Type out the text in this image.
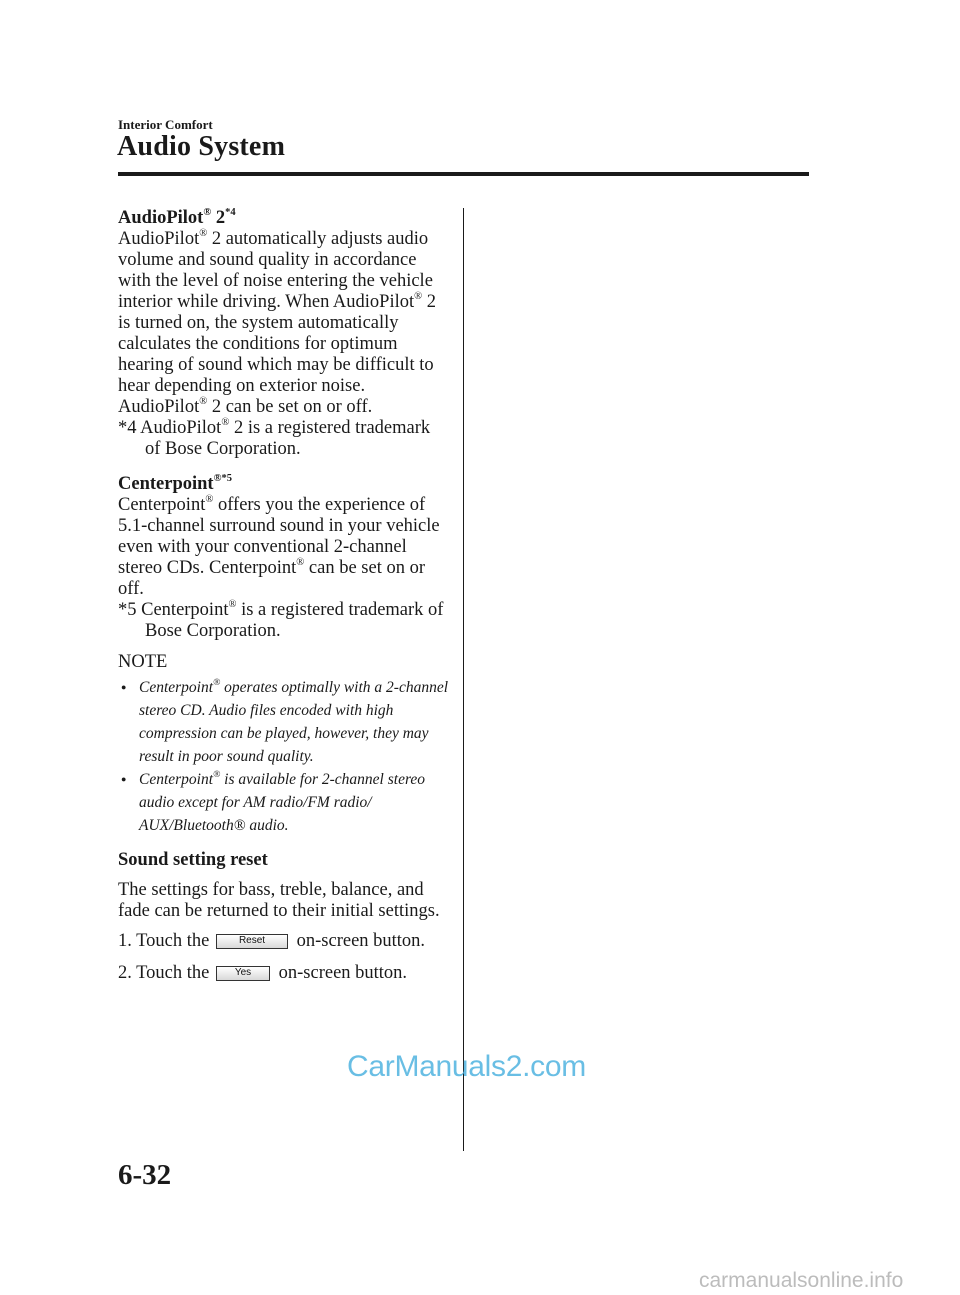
Interior Comfort
Audio System

AudioPilot® 2$^{*4}$

AudioPilot® 2 automatically adjusts audio volume and sound quality in accordance with the level of noise entering the vehicle interior while driving. When AudioPilot® 2 is turned on, the system automatically calculates the conditions for optimum hearing of sound which may be difficult to hear depending on exterior noise.

AudioPilot® 2 can be set on or off.

*4 AudioPilot® 2 is a registered trademark of Bose Corporation.

Centerpoint$^{®*5}$

Centerpoint® offers you the experience of 5.1-channel surround sound in your vehicle even with your conventional 2-channel stereo CDs. Centerpoint® can be set on or off.

*5 Centerpoint® is a registered trademark of Bose Corporation.

NOTE

● Centerpoint® operates optimally with a 2-channel stereo CD. Audio files encoded with high compression can be played, however, they may result in poor sound quality.
● Centerpoint® is available for 2-channel stereo audio except for AM radio/FM radio/ AUX/Bluetooth® audio.

Sound setting reset

The settings for bass, treble, balance, and fade can be returned to their initial settings.

1. Touch the	Reset on-screen button.

2. Touch the	Yes on-screen button.

CarManuals2.com
6-32
carmanualsonline.info
